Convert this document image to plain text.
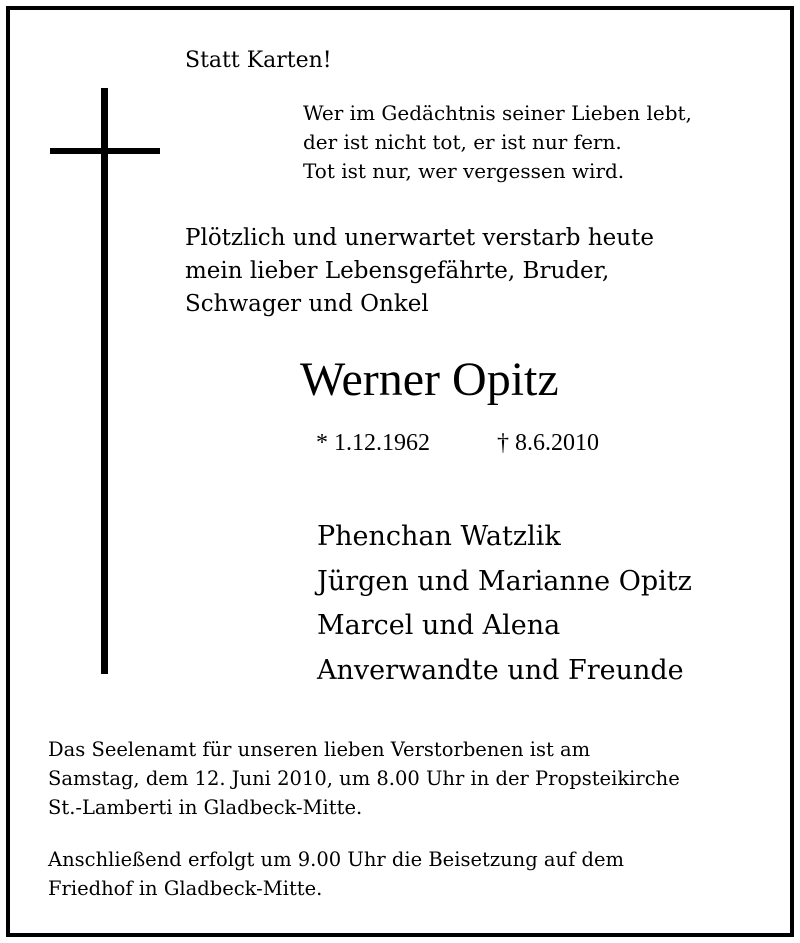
Statt Karten!
Wer im Gedächtnis seiner Lieben lebt,
der ist nicht tot, er ist nur fern.
Tot ist nur, wer vergessen wird.
Plötzlich und unerwartet verstarb heute
mein lieber Lebensgefährte, Bruder,
Schwager und Onkel
Werner Opitz
* 1.12.1962	† 8.6.2010
Phenchan Watzlik
Jürgen und Marianne Opitz
Marcel und Alena
Anverwandte und Freunde
Das Seelenamt für unseren lieben Verstorbenen ist am
Samstag, dem 12. Juni 2010, um 8.00 Uhr in der Propsteikirche
St.-Lamberti in Gladbeck-Mitte.
Anschließend erfolgt um 9.00 Uhr die Beisetzung auf dem
Friedhof in Gladbeck-Mitte.
